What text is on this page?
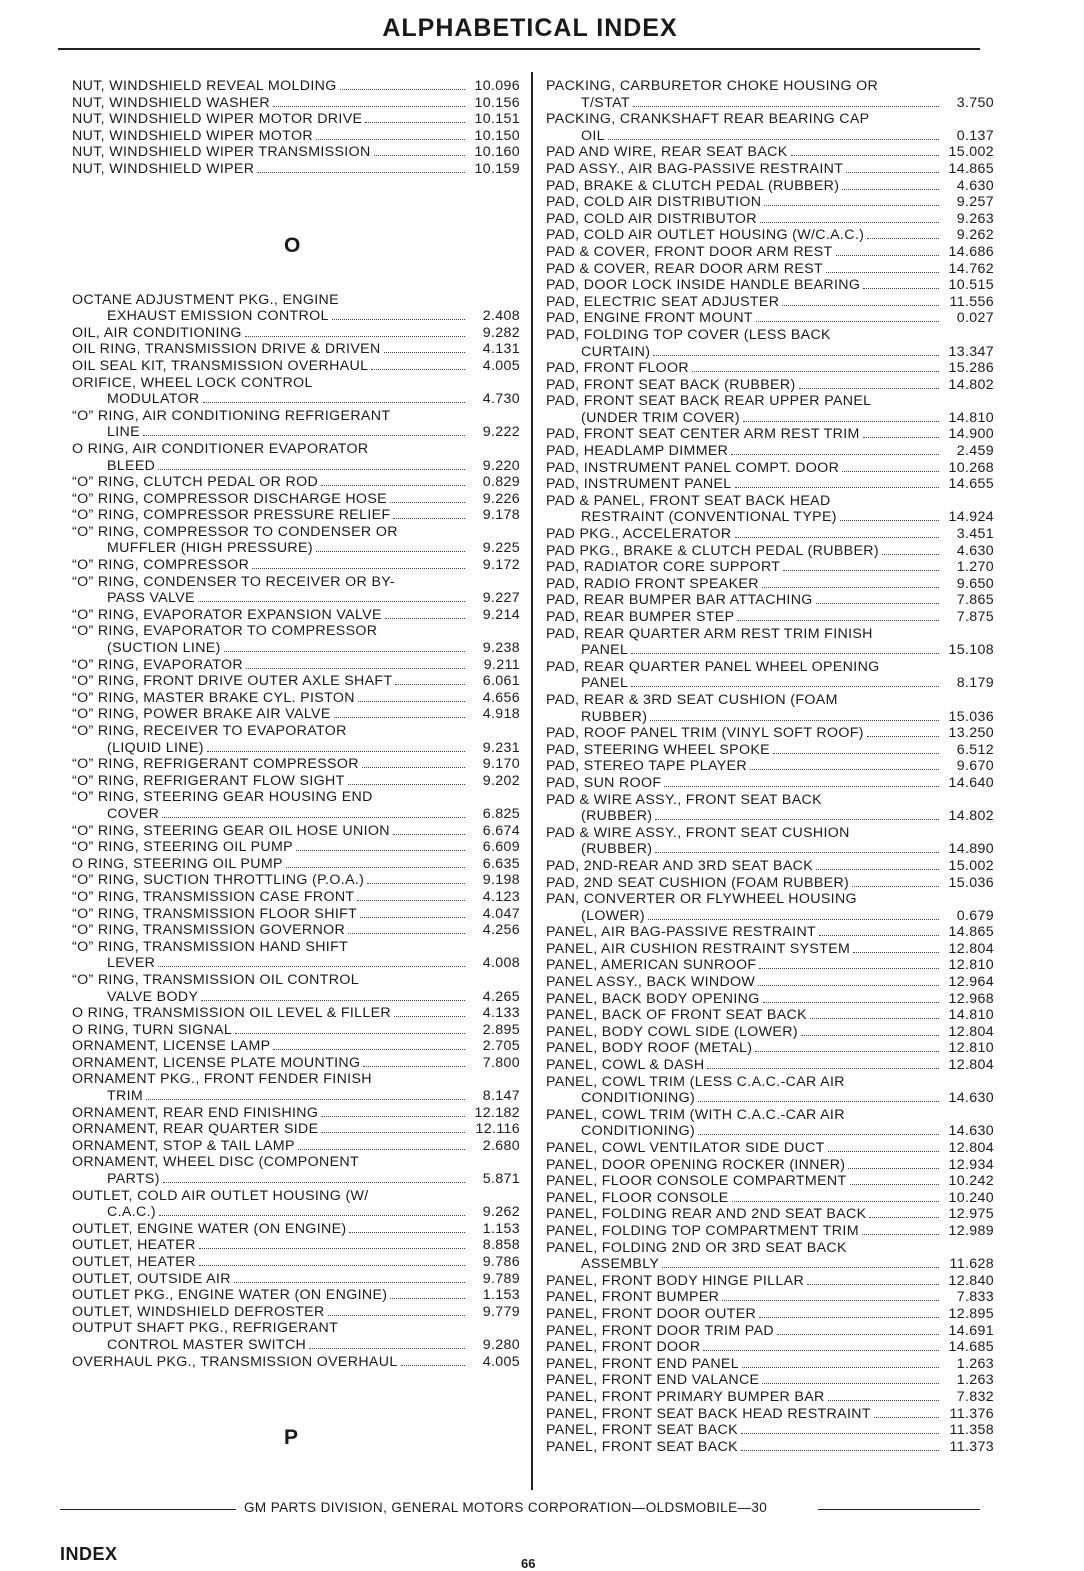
ALPHABETICAL INDEX
NUT, WINDSHIELD REVEAL MOLDING	10.096
NUT, WINDSHIELD WASHER	10.156
NUT, WINDSHIELD WIPER MOTOR DRIVE	10.151
NUT, WINDSHIELD WIPER MOTOR	10.150
NUT, WINDSHIELD WIPER TRANSMISSION	10.160
NUT, WINDSHIELD WIPER	10.159
O
OCTANE ADJUSTMENT PKG., ENGINE
EXHAUST EMISSION CONTROL	2.408
OIL, AIR CONDITIONING	9.282
OIL RING, TRANSMISSION DRIVE & DRIVEN	4.131
OIL SEAL KIT, TRANSMISSION OVERHAUL	4.005
ORIFICE, WHEEL LOCK CONTROL
MODULATOR	4.730
“O” RING, AIR CONDITIONING REFRIGERANT
LINE	9.222
O RING, AIR CONDITIONER EVAPORATOR
BLEED	9.220
“O” RING, CLUTCH PEDAL OR ROD	0.829
“O” RING, COMPRESSOR DISCHARGE HOSE	9.226
“O” RING, COMPRESSOR PRESSURE RELIEF	9.178
“O” RING, COMPRESSOR TO CONDENSER OR
MUFFLER (HIGH PRESSURE)	9.225
“O” RING, COMPRESSOR	9.172
“O” RING, CONDENSER TO RECEIVER OR BY-
PASS VALVE	9.227
“O” RING, EVAPORATOR EXPANSION VALVE	9.214
“O” RING, EVAPORATOR TO COMPRESSOR
(SUCTION LINE)	9.238
“O” RING, EVAPORATOR	9.211
“O” RING, FRONT DRIVE OUTER AXLE SHAFT	6.061
“O” RING, MASTER BRAKE CYL. PISTON	4.656
“O” RING, POWER BRAKE AIR VALVE	4.918
“O” RING, RECEIVER TO EVAPORATOR
(LIQUID LINE)	9.231
“O” RING, REFRIGERANT COMPRESSOR	9.170
“O” RING, REFRIGERANT FLOW SIGHT	9.202
“O” RING, STEERING GEAR HOUSING END
COVER	6.825
“O” RING, STEERING GEAR OIL HOSE UNION	6.674
“O” RING, STEERING OIL PUMP	6.609
O RING, STEERING OIL PUMP	6.635
“O” RING, SUCTION THROTTLING (P.O.A.)	9.198
“O” RING, TRANSMISSION CASE FRONT	4.123
“O” RING, TRANSMISSION FLOOR SHIFT	4.047
“O” RING, TRANSMISSION GOVERNOR	4.256
“O” RING, TRANSMISSION HAND SHIFT
LEVER	4.008
“O” RING, TRANSMISSION OIL CONTROL
VALVE BODY	4.265
O RING, TRANSMISSION OIL LEVEL & FILLER	4.133
O RING, TURN SIGNAL	2.895
ORNAMENT, LICENSE LAMP	2.705
ORNAMENT, LICENSE PLATE MOUNTING	7.800
ORNAMENT PKG., FRONT FENDER FINISH
TRIM	8.147
ORNAMENT, REAR END FINISHING	12.182
ORNAMENT, REAR QUARTER SIDE	12.116
ORNAMENT, STOP & TAIL LAMP	2.680
ORNAMENT, WHEEL DISC (COMPONENT
PARTS)	5.871
OUTLET, COLD AIR OUTLET HOUSING (W/
C.A.C.)	9.262
OUTLET, ENGINE WATER (ON ENGINE)	1.153
OUTLET, HEATER	8.858
OUTLET, HEATER	9.786
OUTLET, OUTSIDE AIR	9.789
OUTLET PKG., ENGINE WATER (ON ENGINE)	1.153
OUTLET, WINDSHIELD DEFROSTER	9.779
OUTPUT SHAFT PKG., REFRIGERANT
CONTROL MASTER SWITCH	9.280
OVERHAUL PKG., TRANSMISSION OVERHAUL	4.005
P
PACKING, CARBURETOR CHOKE HOUSING OR
T/STAT	3.750
PACKING, CRANKSHAFT REAR BEARING CAP
OIL	0.137
PAD AND WIRE, REAR SEAT BACK	15.002
PAD ASSY., AIR BAG-PASSIVE RESTRAINT	14.865
PAD, BRAKE & CLUTCH PEDAL (RUBBER)	4.630
PAD, COLD AIR DISTRIBUTION	9.257
PAD, COLD AIR DISTRIBUTOR	9.263
PAD, COLD AIR OUTLET HOUSING (W/C.A.C.)	9.262
PAD & COVER, FRONT DOOR ARM REST	14.686
PAD & COVER, REAR DOOR ARM REST	14.762
PAD, DOOR LOCK INSIDE HANDLE BEARING	10.515
PAD, ELECTRIC SEAT ADJUSTER	11.556
PAD, ENGINE FRONT MOUNT	0.027
PAD, FOLDING TOP COVER (LESS BACK
CURTAIN)	13.347
PAD, FRONT FLOOR	15.286
PAD, FRONT SEAT BACK (RUBBER)	14.802
PAD, FRONT SEAT BACK REAR UPPER PANEL
(UNDER TRIM COVER)	14.810
PAD, FRONT SEAT CENTER ARM REST TRIM	14.900
PAD, HEADLAMP DIMMER	2.459
PAD, INSTRUMENT PANEL COMPT. DOOR	10.268
PAD, INSTRUMENT PANEL	14.655
PAD & PANEL, FRONT SEAT BACK HEAD
RESTRAINT (CONVENTIONAL TYPE)	14.924
PAD PKG., ACCELERATOR	3.451
PAD PKG., BRAKE & CLUTCH PEDAL (RUBBER)	4.630
PAD, RADIATOR CORE SUPPORT	1.270
PAD, RADIO FRONT SPEAKER	9.650
PAD, REAR BUMPER BAR ATTACHING	7.865
PAD, REAR BUMPER STEP	7.875
PAD, REAR QUARTER ARM REST TRIM FINISH
PANEL	15.108
PAD, REAR QUARTER PANEL WHEEL OPENING
PANEL	8.179
PAD, REAR & 3RD SEAT CUSHION (FOAM
RUBBER)	15.036
PAD, ROOF PANEL TRIM (VINYL SOFT ROOF)	13.250
PAD, STEERING WHEEL SPOKE	6.512
PAD, STEREO TAPE PLAYER	9.670
PAD, SUN ROOF	14.640
PAD & WIRE ASSY., FRONT SEAT BACK
(RUBBER)	14.802
PAD & WIRE ASSY., FRONT SEAT CUSHION
(RUBBER)	14.890
PAD, 2ND-REAR AND 3RD SEAT BACK	15.002
PAD, 2ND SEAT CUSHION (FOAM RUBBER)	15.036
PAN, CONVERTER OR FLYWHEEL HOUSING
(LOWER)	0.679
PANEL, AIR BAG-PASSIVE RESTRAINT	14.865
PANEL, AIR CUSHION RESTRAINT SYSTEM	12.804
PANEL, AMERICAN SUNROOF	12.810
PANEL ASSY., BACK WINDOW	12.964
PANEL, BACK BODY OPENING	12.968
PANEL, BACK OF FRONT SEAT BACK	14.810
PANEL, BODY COWL SIDE (LOWER)	12.804
PANEL, BODY ROOF (METAL)	12.810
PANEL, COWL & DASH	12.804
PANEL, COWL TRIM (LESS C.A.C.-CAR AIR
CONDITIONING)	14.630
PANEL, COWL TRIM (WITH C.A.C.-CAR AIR
CONDITIONING)	14.630
PANEL, COWL VENTILATOR SIDE DUCT	12.804
PANEL, DOOR OPENING ROCKER (INNER)	12.934
PANEL, FLOOR CONSOLE COMPARTMENT	10.242
PANEL, FLOOR CONSOLE	10.240
PANEL, FOLDING REAR AND 2ND SEAT BACK	12.975
PANEL, FOLDING TOP COMPARTMENT TRIM	12.989
PANEL, FOLDING 2ND OR 3RD SEAT BACK
ASSEMBLY	11.628
PANEL, FRONT BODY HINGE PILLAR	12.840
PANEL, FRONT BUMPER	7.833
PANEL, FRONT DOOR OUTER	12.895
PANEL, FRONT DOOR TRIM PAD	14.691
PANEL, FRONT DOOR	14.685
PANEL, FRONT END PANEL	1.263
PANEL, FRONT END VALANCE	1.263
PANEL, FRONT PRIMARY BUMPER BAR	7.832
PANEL, FRONT SEAT BACK HEAD RESTRAINT	11.376
PANEL, FRONT SEAT BACK	11.358
PANEL, FRONT SEAT BACK	11.373
GM PARTS DIVISION, GENERAL MOTORS CORPORATION—OLDSMOBILE—30
INDEX	66
